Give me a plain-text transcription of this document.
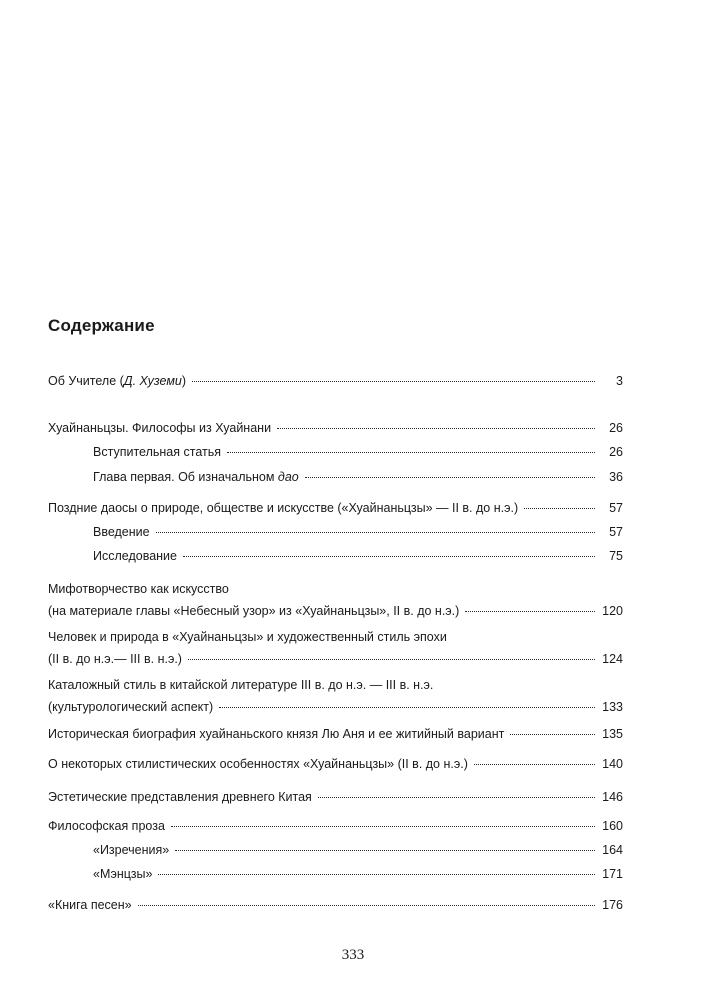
Содержание
Об Учителе (Д. Хуземи)	3
Хуайнаньцзы. Философы из Хуайнани	26
Вступительная статья	26
Глава первая. Об изначальном дао	36
Поздние даосы о природе, обществе и искусстве («Хуайнаньцзы» — II в. до н.э.)	57
Введение	57
Исследование	75
Мифотворчество как искусство
(на материале главы «Небесный узор» из «Хуайнаньцзы», II в. до н.э.)	120
Человек и природа в «Хуайнаньцзы» и художественный стиль эпохи
(II в. до н.э.— III в. н.э.)	124
Каталожный стиль в китайской литературе III в. до н.э. — III в. н.э.
(культурологический аспект)	133
Историческая биография хуайнаньского князя Лю Аня и ее житийный вариант	135
О некоторых стилистических особенностях «Хуайнаньцзы» (II в. до н.э.)	140
Эстетические представления древнего Китая	146
Философская проза	160
«Изречения»	164
«Мэнцзы»	171
«Книга песен»	176
333
